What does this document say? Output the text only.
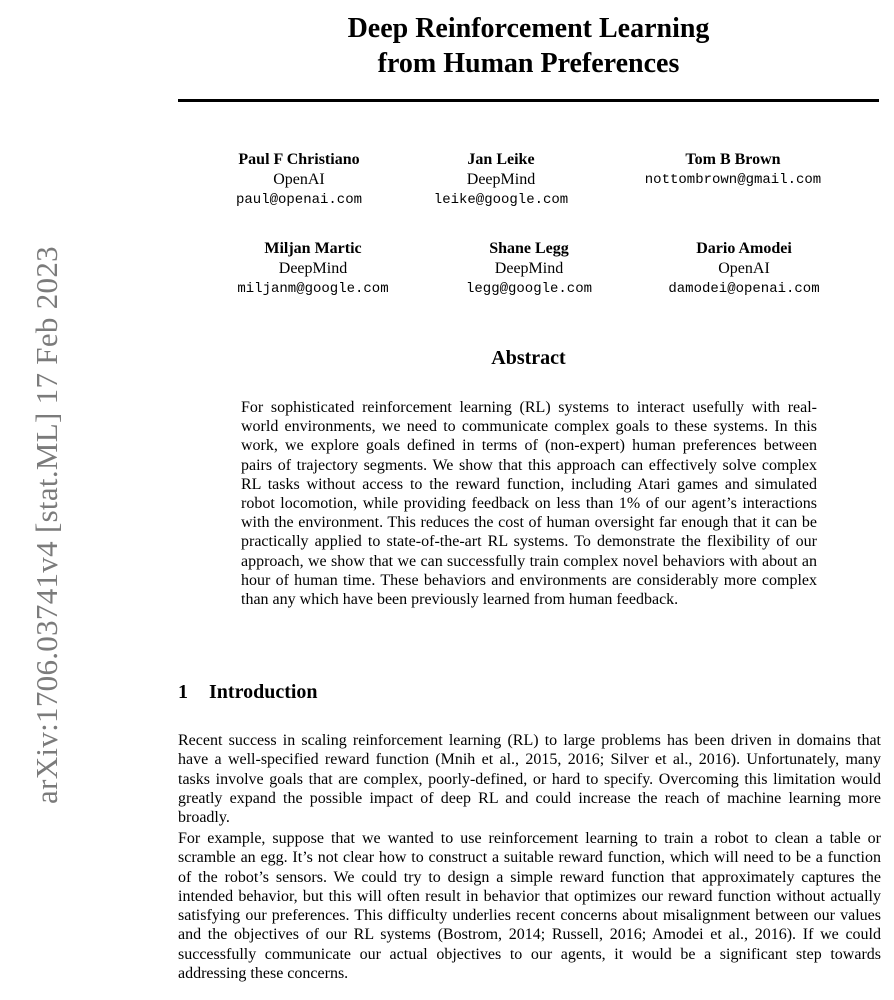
arXiv:1706.03741v4 [stat.ML] 17 Feb 2023
Deep Reinforcement Learning
from Human Preferences
Paul F Christiano
OpenAI
paul@openai.com
Jan Leike
DeepMind
leike@google.com
Tom B Brown
nottombrown@gmail.com
Miljan Martic
DeepMind
miljanm@google.com
Shane Legg
DeepMind
legg@google.com
Dario Amodei
OpenAI
damodei@openai.com
Abstract
For sophisticated reinforcement learning (RL) systems to interact usefully with real-world environments, we need to communicate complex goals to these systems. In this work, we explore goals defined in terms of (non-expert) human preferences between pairs of trajectory segments. We show that this approach can effectively solve complex RL tasks without access to the reward function, including Atari games and simulated robot locomotion, while providing feedback on less than 1% of our agent’s interactions with the environment. This reduces the cost of human oversight far enough that it can be practically applied to state-of-the-art RL systems. To demonstrate the flexibility of our approach, we show that we can successfully train complex novel behaviors with about an hour of human time. These behaviors and environments are considerably more complex than any which have been previously learned from human feedback.
1 Introduction
Recent success in scaling reinforcement learning (RL) to large problems has been driven in domains that have a well-specified reward function (Mnih et al., 2015, 2016; Silver et al., 2016). Unfortunately, many tasks involve goals that are complex, poorly-defined, or hard to specify. Overcoming this limitation would greatly expand the possible impact of deep RL and could increase the reach of machine learning more broadly.
For example, suppose that we wanted to use reinforcement learning to train a robot to clean a table or scramble an egg. It’s not clear how to construct a suitable reward function, which will need to be a function of the robot’s sensors. We could try to design a simple reward function that approximately captures the intended behavior, but this will often result in behavior that optimizes our reward function without actually satisfying our preferences. This difficulty underlies recent concerns about misalignment between our values and the objectives of our RL systems (Bostrom, 2014; Russell, 2016; Amodei et al., 2016). If we could successfully communicate our actual objectives to our agents, it would be a significant step towards addressing these concerns.
